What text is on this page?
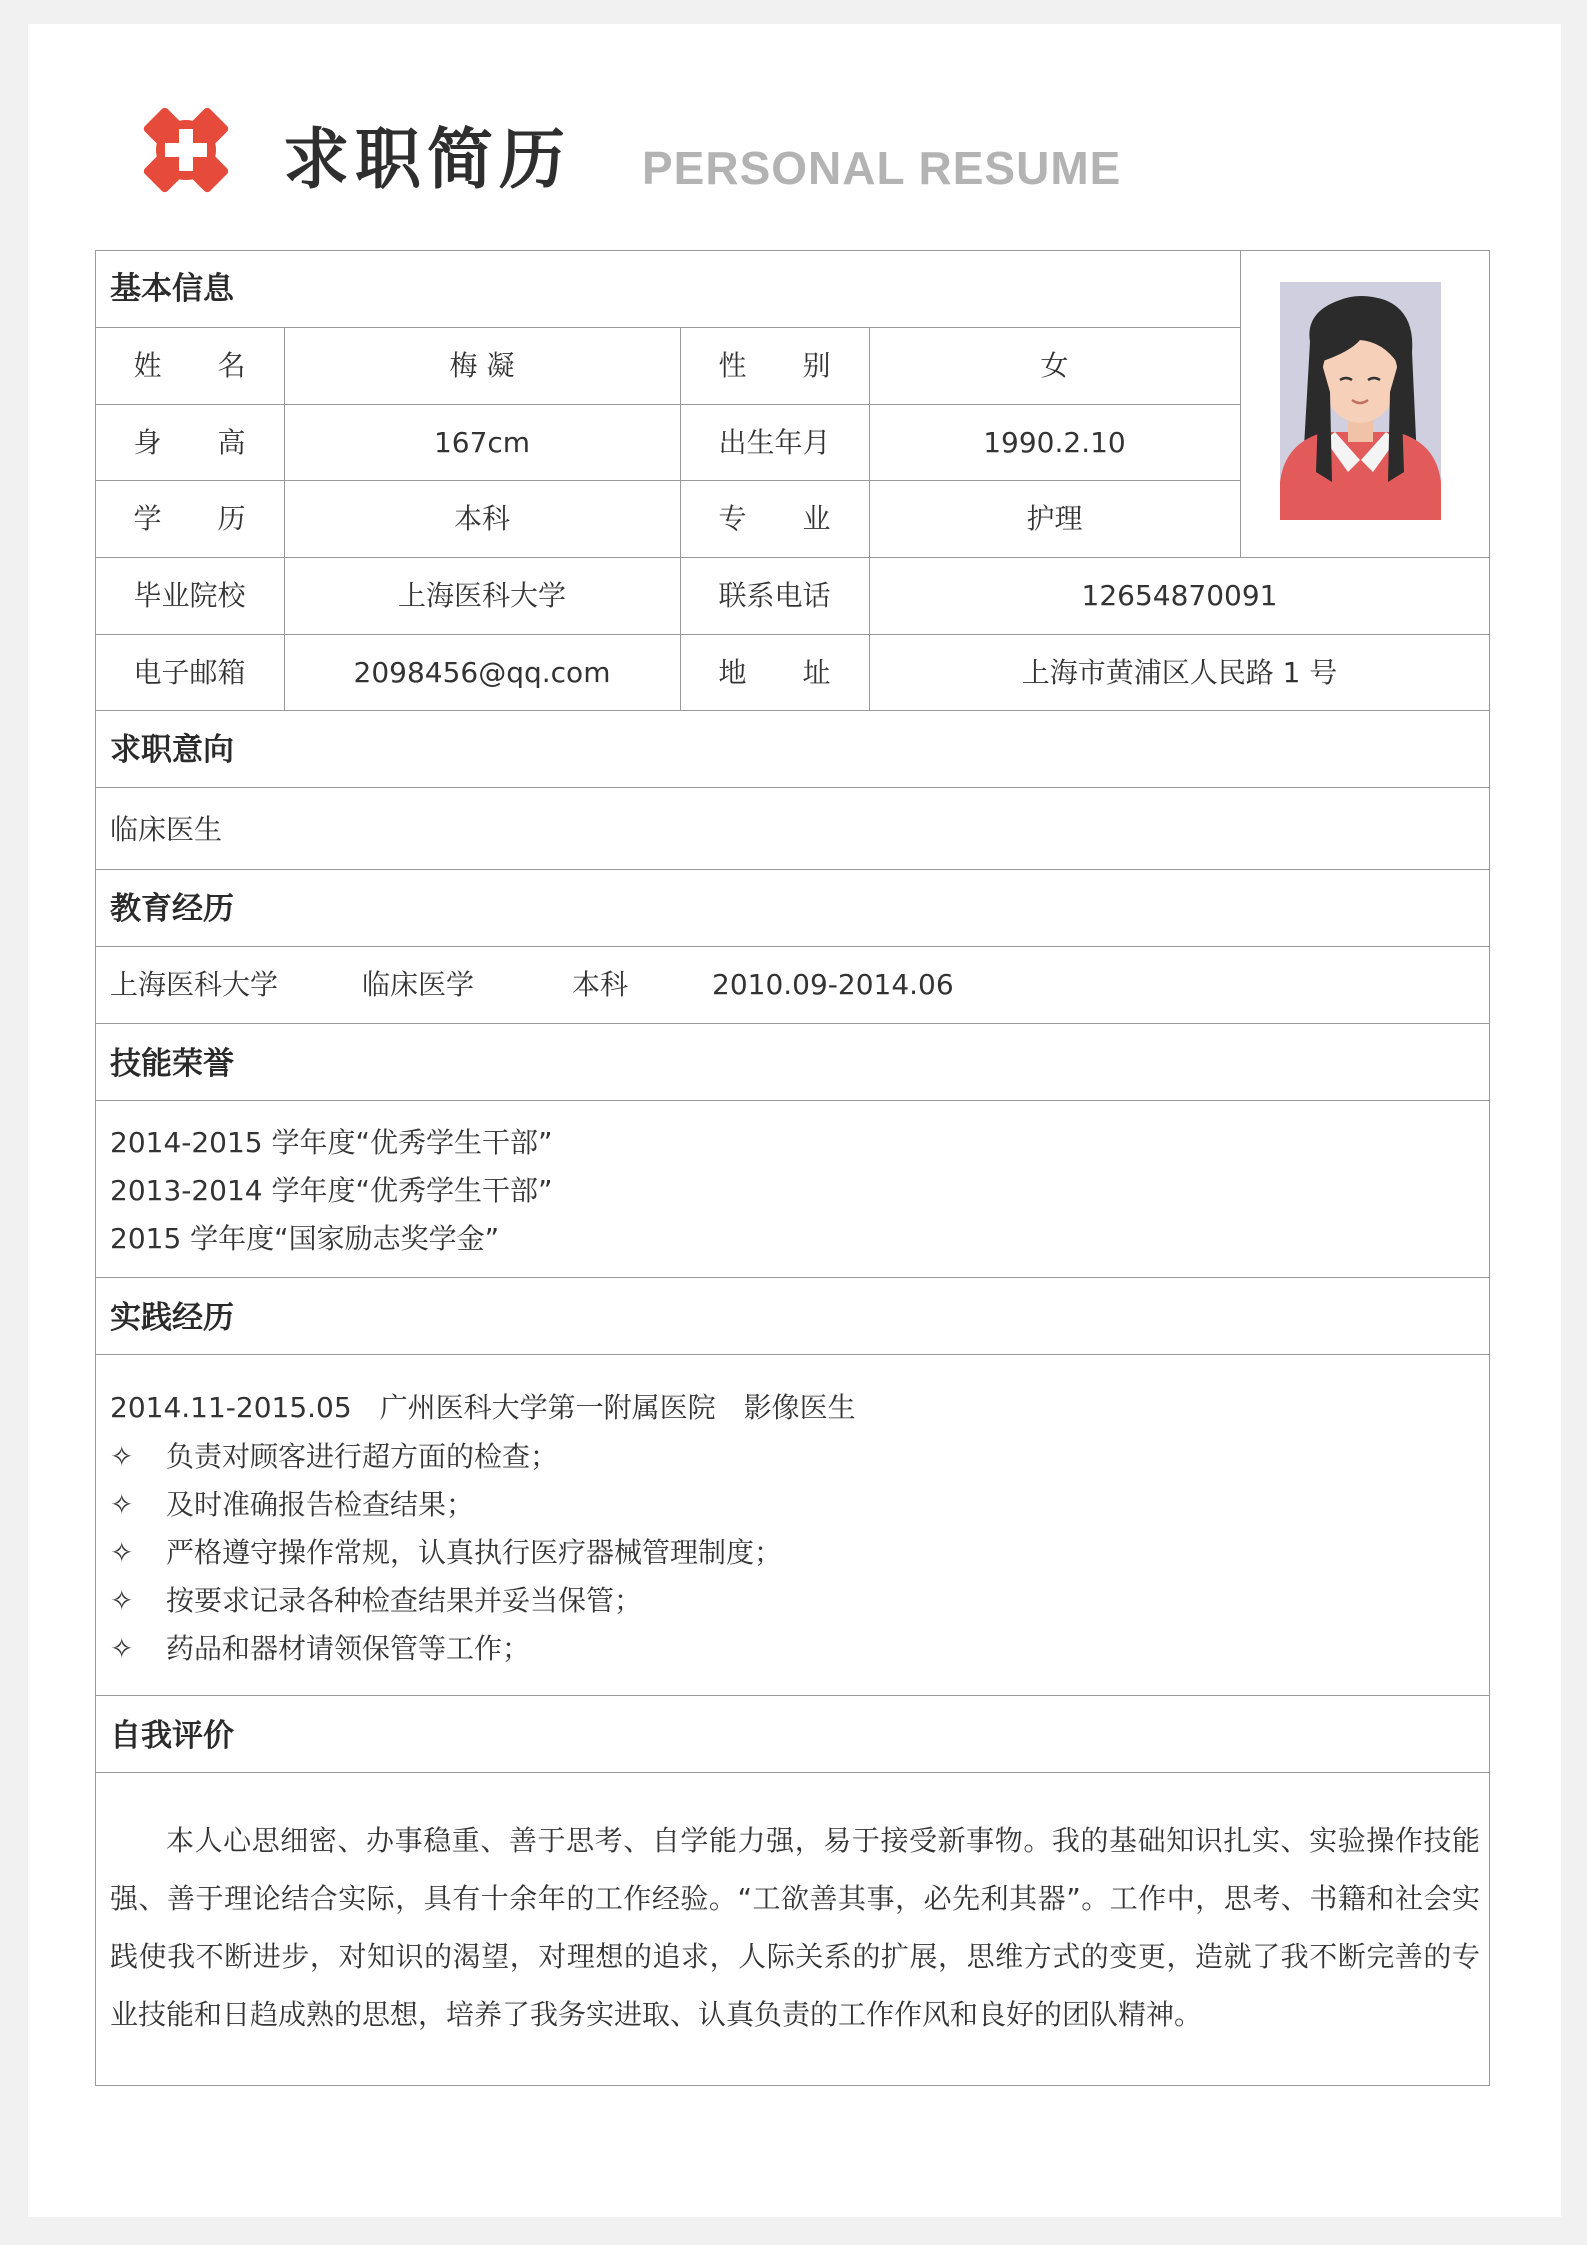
求职简历 PERSONAL RESUME
基本信息
姓　　名	梅 凝	性　　别	女
身　　高	167cm	出生年月	1990.2.10
学　　历	本科	专　　业	护理
毕业院校	上海医科大学	联系电话	12654870091
电子邮箱	2098456@qq.com	地　　址	上海市黄浦区人民路 1 号
求职意向
临床医生
教育经历
上海医科大学	临床医学	本科	2010.09-2014.06
技能荣誉
2014-2015 学年度“优秀学生干部”
2013-2014 学年度“优秀学生干部”
2015 学年度“国家励志奖学金”
实践经历
2014.11-2015.05　广州医科大学第一附属医院　影像医生
✧ 负责对顾客进行超方面的检查；
✧ 及时准确报告检查结果；
✧ 严格遵守操作常规，认真执行医疗器械管理制度；
✧ 按要求记录各种检查结果并妥当保管；
✧ 药品和器材请领保管等工作；
自我评价
本人心思细密、办事稳重、善于思考、自学能力强，易于接受新事物。我的基础知识扎实、实验操作技能强、善于理论结合实际，具有十余年的工作经验。“工欲善其事，必先利其器”。工作中，思考、书籍和社会实践使我不断进步，对知识的渴望，对理想的追求，人际关系的扩展，思维方式的变更，造就了我不断完善的专业技能和日趋成熟的思想，培养了我务实进取、认真负责的工作作风和良好的团队精神。
